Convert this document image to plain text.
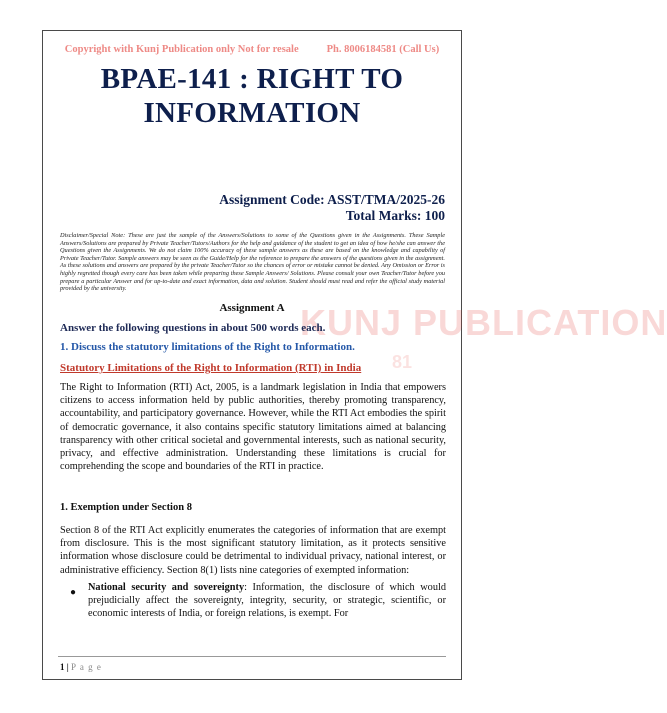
Copyright with Kunj Publication only Not for resale	Ph. 8006184581 (Call Us)
BPAE-141 : RIGHT TO
INFORMATION
Assignment Code: ASST/TMA/2025-26
Total Marks: 100
Disclaimer/Special Note: These are just the sample of the Answers/Solutions to some of the Questions given in the Assignments. These Sample Answers/Solutions are prepared by Private Teacher/Tutors/Authors for the help and guidance of the student to get an idea of how he/she can answer the Questions given the Assignments. We do not claim 100% accuracy of these sample answers as these are based on the knowledge and capability of Private Teacher/Tutor. Sample answers may be seen as the Guide/Help for the reference to prepare the answers of the questions given in the assignment. As these solutions and answers are prepared by the private Teacher/Tutor so the chances of error or mistake cannot be denied. Any Omission or Error is highly regretted though every care has been taken while preparing these Sample Answers/ Solutions. Please consult your own Teacher/Tutor before you prepare a particular Answer and for up-to-date and exact information, data and solution. Student should must read and refer the official study material provided by the university.
KUNJ PUBLICATION
81
Assignment A
Answer the following questions in about 500 words each.
1. Discuss the statutory limitations of the Right to Information.
Statutory Limitations of the Right to Information (RTI) in India

The Right to Information (RTI) Act, 2005, is a landmark legislation in India that empowers citizens to access information held by public authorities, thereby promoting transparency, accountability, and participatory governance. However, while the RTI Act embodies the spirit of democratic governance, it also contains specific statutory limitations aimed at balancing transparency with other critical societal and governmental interests, such as national security, privacy, and effective administration. Understanding these limitations is crucial for comprehending the scope and boundaries of the RTI in practice.

1. Exemption under Section 8

Section 8 of the RTI Act explicitly enumerates the categories of information that are exempt from disclosure. This is the most significant statutory limitation, as it protects sensitive information whose disclosure could be detrimental to individual privacy, national interest, or administrative efficiency. Section 8(1) lists nine categories of exempted information:

● National security and sovereignty: Information, the disclosure of which would prejudicially affect the sovereignty, integrity, security, or strategic, scientific, or economic interests of India, or foreign relations, is exempt. For

1 | P a g e
